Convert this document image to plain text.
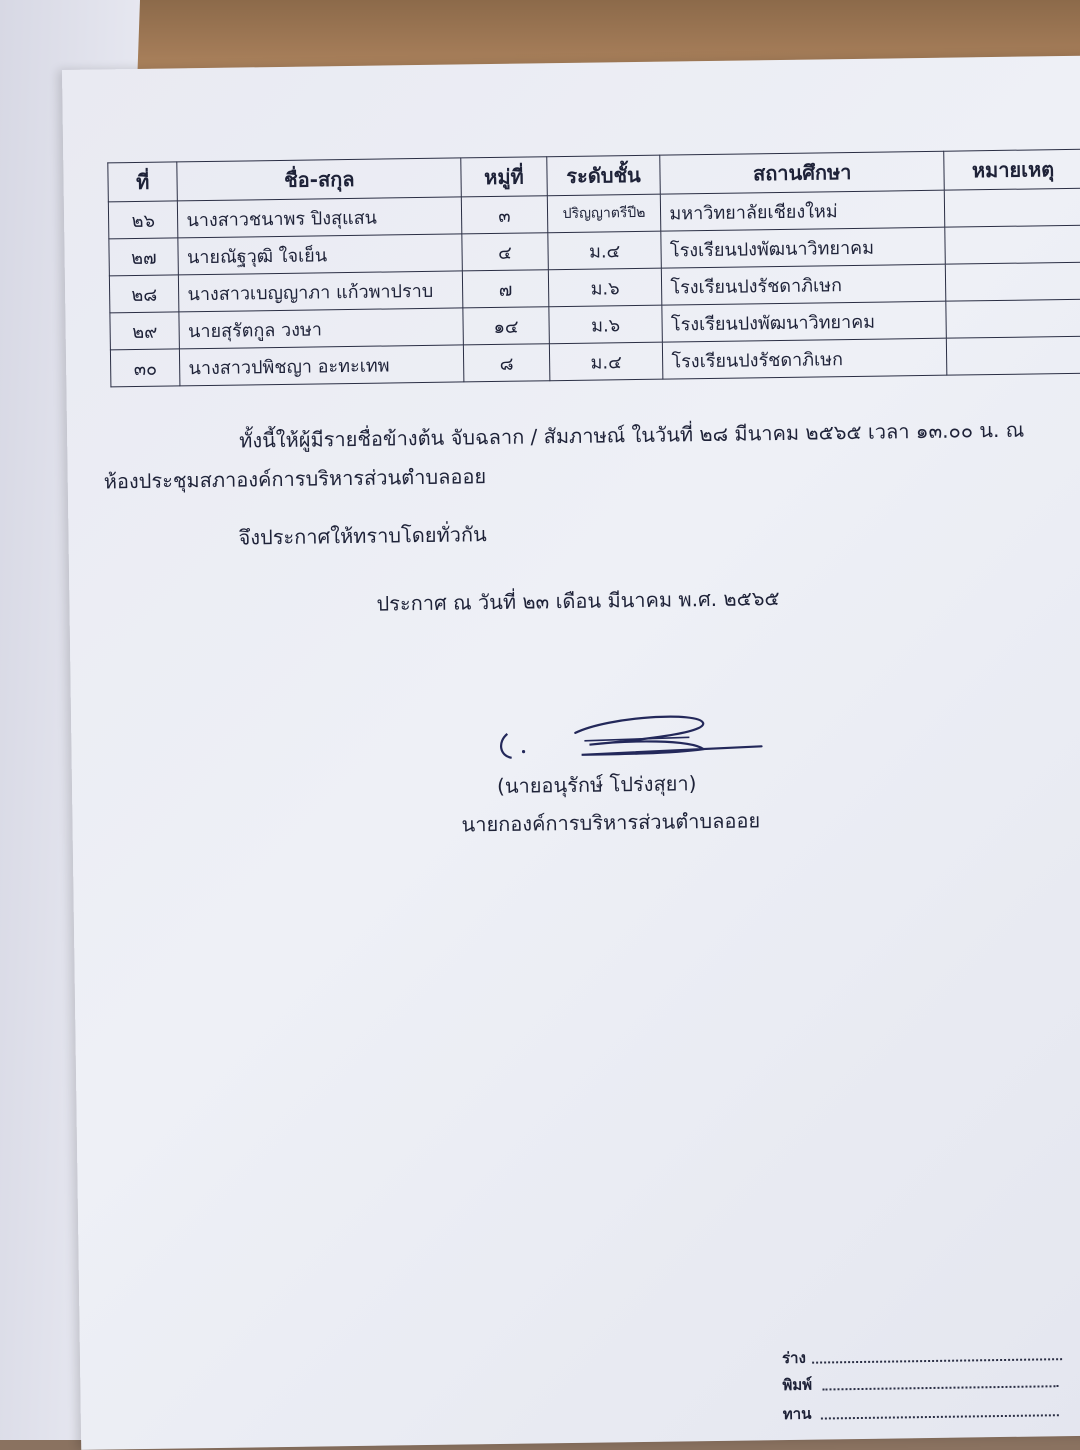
ที่	ชื่อ-สกุล	หมู่ที่	ระดับชั้น	สถานศึกษา	หมายเหตุ
๒๖	นางสาวชนาพร ปิงสุแสน	๓	ปริญญาตรีปี๒	มหาวิทยาลัยเชียงใหม่	
๒๗	นายณัฐวุฒิ ใจเย็น	๔	ม.๔	โรงเรียนปงพัฒนาวิทยาคม	
๒๘	นางสาวเบญญาภา แก้วพาปราบ	๗	ม.๖	โรงเรียนปงรัชดาภิเษก	
๒๙	นายสุรัตกูล วงษา	๑๔	ม.๖	โรงเรียนปงพัฒนาวิทยาคม	
๓๐	นางสาวปพิชญา อะทะเทพ	๘	ม.๔	โรงเรียนปงรัชดาภิเษก	
ทั้งนี้ให้ผู้มีรายชื่อข้างต้น จับฉลาก / สัมภาษณ์ ในวันที่ ๒๘ มีนาคม ๒๕๖๕ เวลา ๑๓.๐๐ น. ณ
ห้องประชุมสภาองค์การบริหารส่วนตำบลออย
จึงประกาศให้ทราบโดยทั่วกัน
ประกาศ ณ วันที่ ๒๓ เดือน มีนาคม พ.ศ. ๒๕๖๕
(นายอนุรักษ์ โปร่งสุยา)
นายกองค์การบริหารส่วนตำบลออย
ร่าง
พิมพ์
ทาน
